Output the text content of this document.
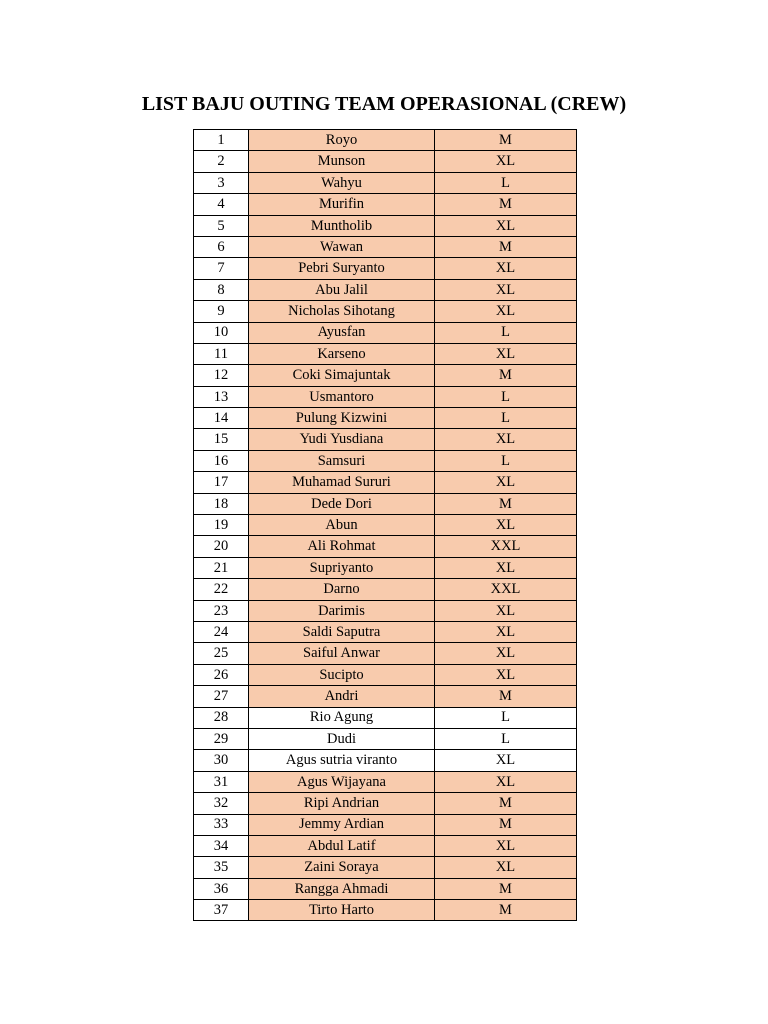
LIST BAJU OUTING TEAM OPERASIONAL (CREW)
1	Royo	M
2	Munson	XL
3	Wahyu	L
4	Murifin	M
5	Muntholib	XL
6	Wawan	M
7	Pebri Suryanto	XL
8	Abu Jalil	XL
9	Nicholas Sihotang	XL
10	Ayusfan	L
11	Karseno	XL
12	Coki Simajuntak	M
13	Usmantoro	L
14	Pulung Kizwini	L
15	Yudi Yusdiana	XL
16	Samsuri	L
17	Muhamad Sururi	XL
18	Dede Dori	M
19	Abun	XL
20	Ali Rohmat	XXL
21	Supriyanto	XL
22	Darno	XXL
23	Darimis	XL
24	Saldi Saputra	XL
25	Saiful Anwar	XL
26	Sucipto	XL
27	Andri	M
28	Rio Agung	L
29	Dudi	L
30	Agus sutria viranto	XL
31	Agus Wijayana	XL
32	Ripi Andrian	M
33	Jemmy Ardian	M
34	Abdul Latif	XL
35	Zaini Soraya	XL
36	Rangga Ahmadi	M
37	Tirto Harto	M
